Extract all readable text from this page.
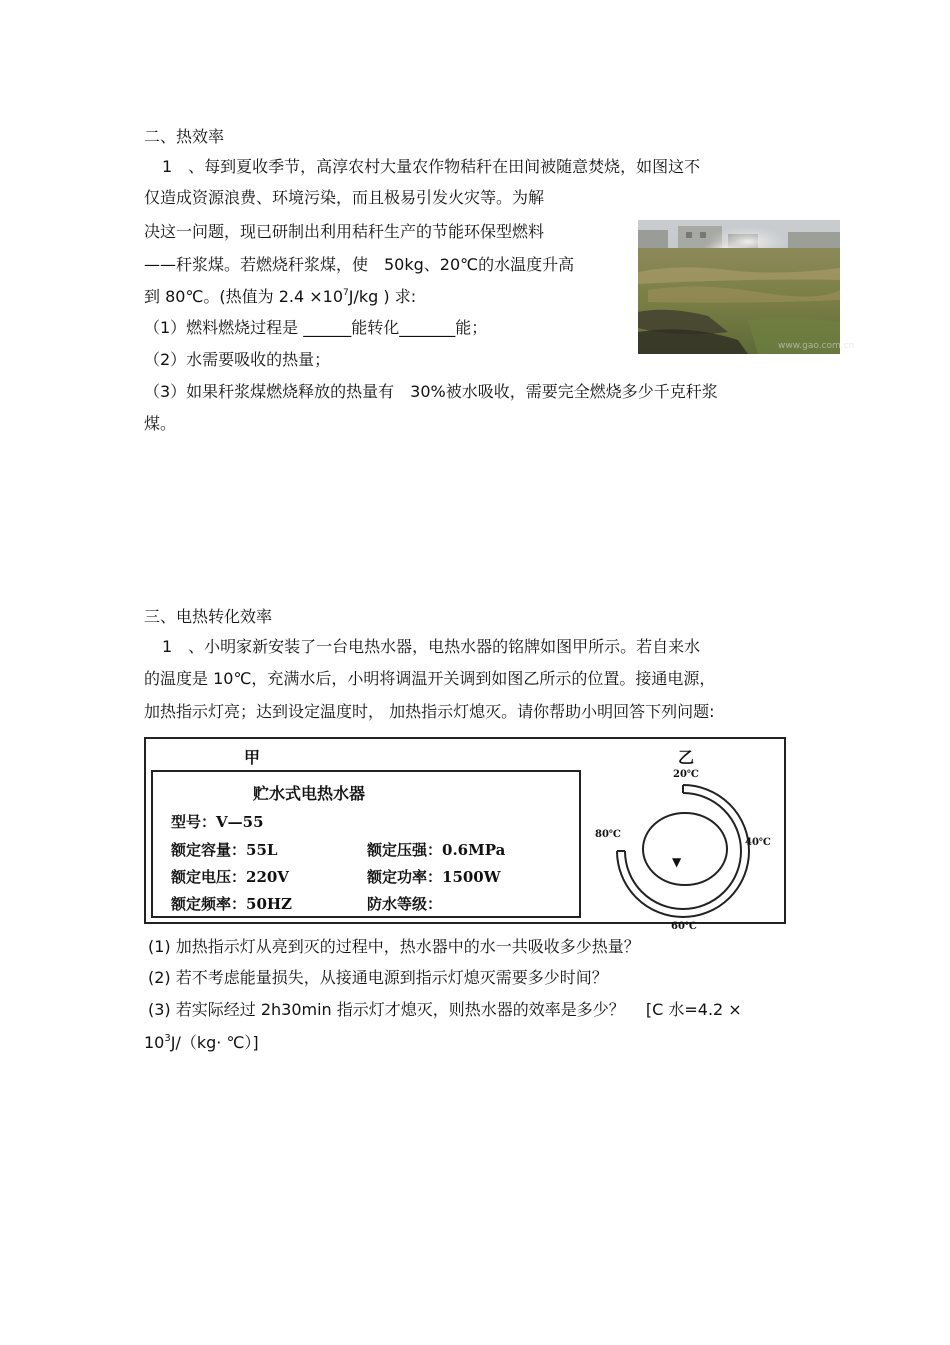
二、热效率
1　、每到夏收季节，高淳农村大量农作物秸秆在田间被随意焚烧，如图这不
仅造成资源浪费、环境污染，而且极易引发火灾等。为解
决这一问题，现已研制出利用秸秆生产的节能环保型燃料
——秆浆煤。若燃烧秆浆煤，使　50kg、20℃的水温度升高
到 80℃。(热值为 $2.4 \times 10^7J/kg$ ) 求:
（1）燃料燃烧过程是 ______能转化_______能；
（2）水需要吸收的热量；
（3）如果秆浆煤燃烧释放的热量有　30%被水吸收，需要完全燃烧多少千克秆浆
煤。
www.gao.com.cn
三、电热转化效率
1　、小明家新安装了一台电热水器，电热水器的铭牌如图甲所示。若自来水
的温度是 10℃，充满水后，小明将调温开关调到如图乙所示的位置。接通电源，
加热指示灯亮；达到设定温度时， 加热指示灯熄灭。请你帮助小明回答下列问题:
甲	乙
贮水式电热水器
型号：V—55
额定容量：55L	额定压强：0.6MPa
额定电压：220V	额定功率：1500W
额定频率：50HZ	防水等级：
▼
20℃
40℃
60℃
80℃
(1) 加热指示灯从亮到灭的过程中，热水器中的水一共吸收多少热量？
(2) 若不考虑能量损失，从接通电源到指示灯熄灭需要多少时间？
(3) 若实际经过 2h30min 指示灯才熄灭，则热水器的效率是多少？　 [C 水=4.2 ×
$10^3J/(kg\cdot$ ℃）]
